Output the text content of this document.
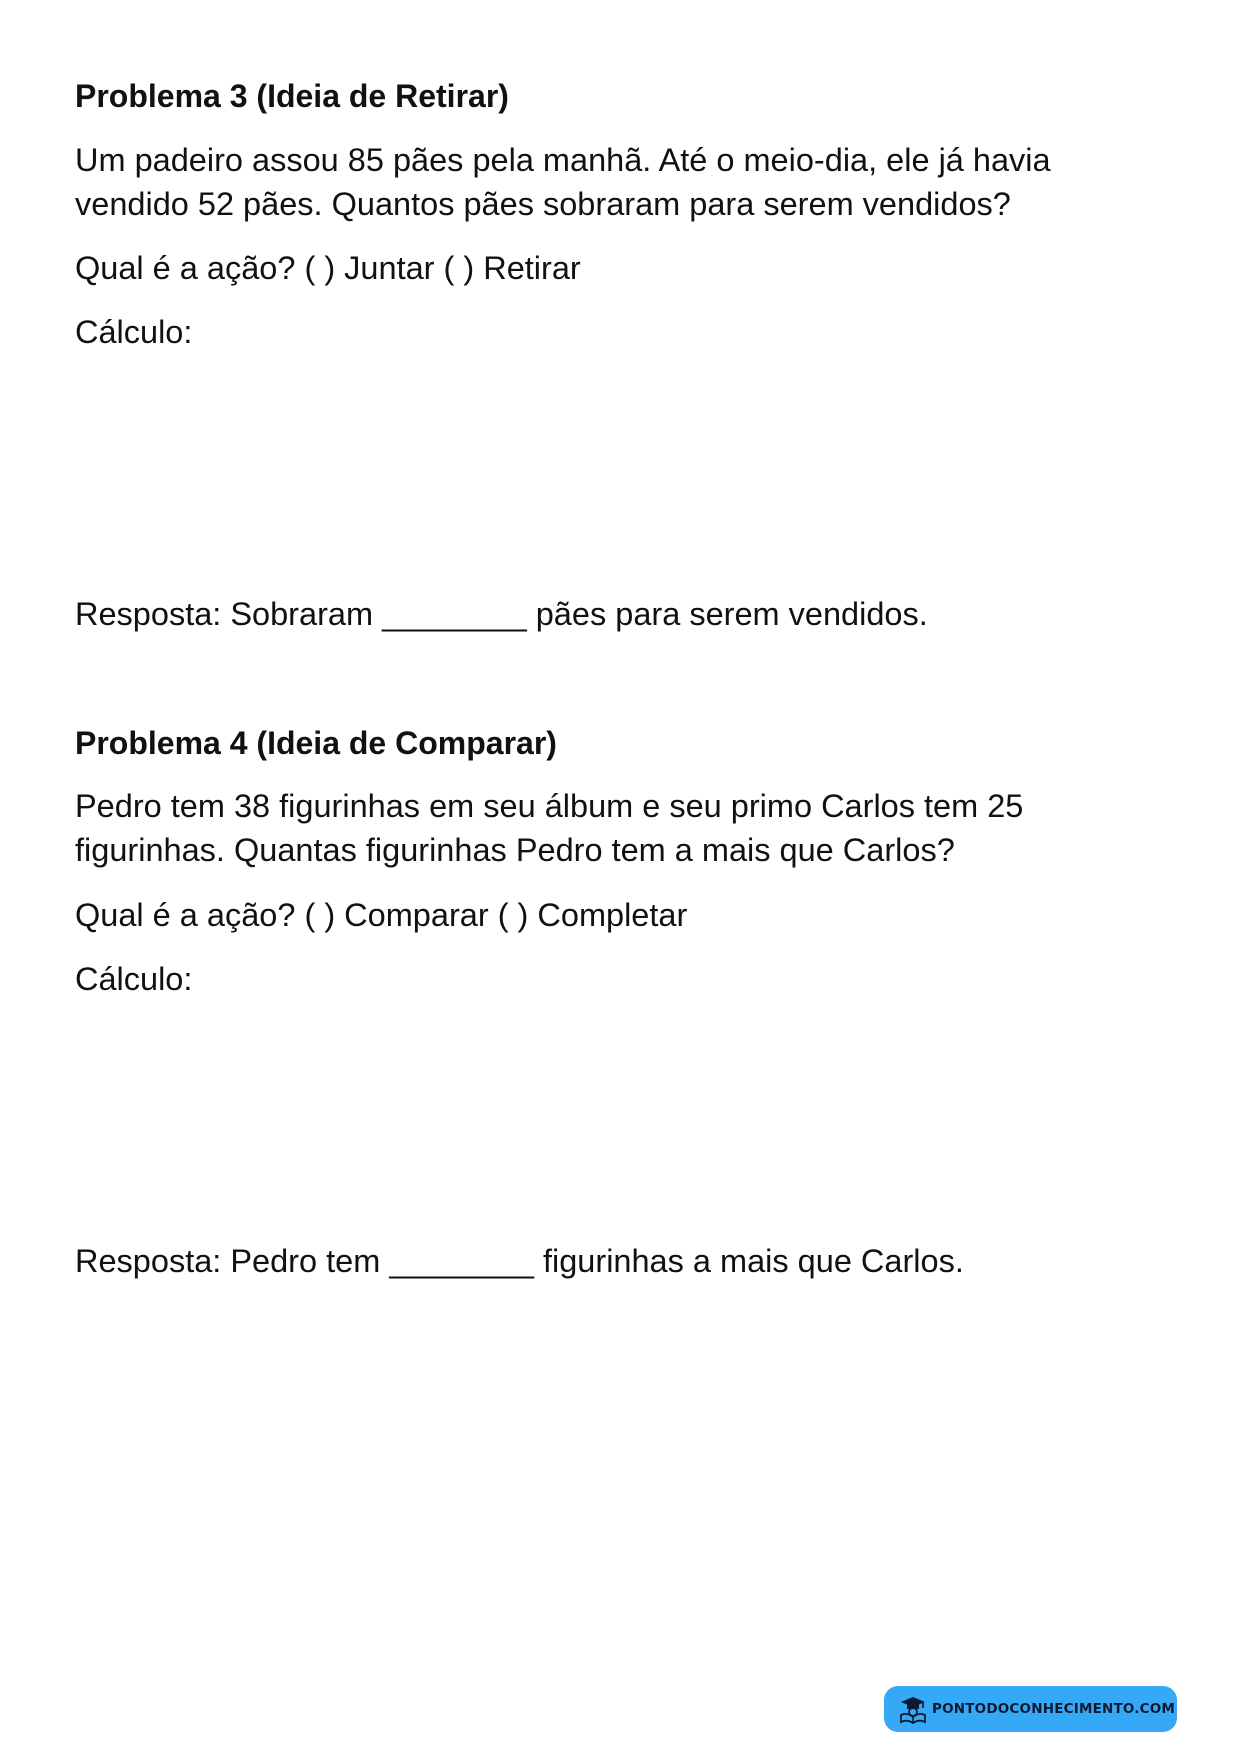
Problema 3 (Ideia de Retirar)
Um padeiro assou 85 pães pela manhã. Até o meio-dia, ele já havia
vendido 52 pães. Quantos pães sobraram para serem vendidos?
Qual é a ação? ( ) Juntar ( ) Retirar
Cálculo:
Resposta: Sobraram ________ pães para serem vendidos.
Problema 4 (Ideia de Comparar)
Pedro tem 38 figurinhas em seu álbum e seu primo Carlos tem 25
figurinhas. Quantas figurinhas Pedro tem a mais que Carlos?
Qual é a ação? ( ) Comparar ( ) Completar
Cálculo:
Resposta: Pedro tem ________ figurinhas a mais que Carlos.
PONTODOCONHECIMENTO.COM
